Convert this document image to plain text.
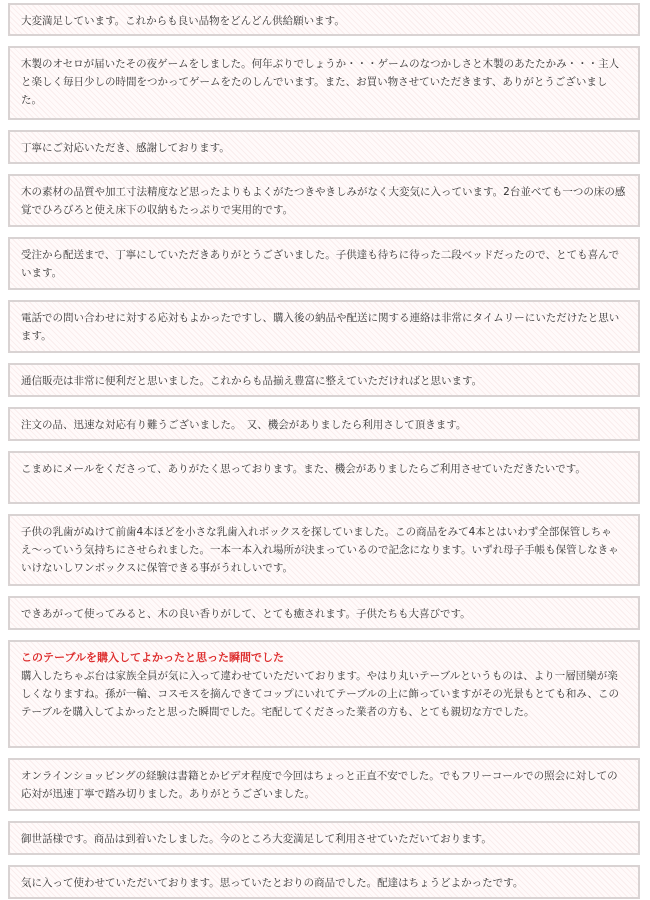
大変満足しています。これからも良い品物をどんどん供給願います。

木製のオセロが届いたその夜ゲームをしました。何年ぶりでしょうか・・・ゲームのなつかしさと木製のあたたかみ・・・主人と楽しく毎日少しの時間をつかってゲームをたのしんでいます。また、お買い物させていただきます、ありがとうございました。

丁寧にご対応いただき、感謝しております。

木の素材の品質や加工寸法精度など思ったよりもよくがたつきやきしみがなく大変気に入っています。2台並べても一つの床の感覚でひろびろと使え床下の収納もたっぷりで実用的です。

受注から配送まで、丁寧にしていただきありがとうございました。子供達も待ちに待った二段ベッドだったので、とても喜んでいます。

電話での問い合わせに対する応対もよかったですし、購入後の納品や配送に関する連絡は非常にタイムリーにいただけたと思います。

通信販売は非常に便利だと思いました。これからも品揃え豊富に整えていただければと思います。

注文の品、迅速な対応有り難うございました。　又、機会がありましたら利用さして頂きます。

こまめにメールをくださって、ありがたく思っております。また、機会がありましたらご利用させていただきたいです。

子供の乳歯がぬけて前歯4本ほどを小さな乳歯入れボックスを探していました。この商品をみて4本とはいわず全部保管しちゃえ〜っていう気持ちにさせられました。一本一本入れ場所が決まっているので記念になります。いずれ母子手帳も保管しなきゃいけないしワンボックスに保管できる事がうれしいです。

できあがって使ってみると、木の良い香りがして、とても癒されます。子供たちも大喜びです。

このテーブルを購入してよかったと思った瞬間でした

購入したちゃぶ台は家族全員が気に入って違わせていただいております。やはり丸いテーブルというものは、より一層団欒が楽しくなりますね。孫が一輪、コスモスを摘んできてコップにいれてテーブルの上に飾っていますがその光景もとても和み、このテーブルを購入してよかったと思った瞬間でした。宅配してくださった業者の方も、とても親切な方でした。

オンラインショッピングの経験は書籍とかビデオ程度で今回はちょっと正直不安でした。でもフリーコールでの照会に対しての応対が迅速丁寧で踏み切りました。ありがとうございました。

御世話様です。商品は到着いたしました。今のところ大変満足して利用させていただいております。

気に入って使わせていただいております。思っていたとおりの商品でした。配達はちょうどよかったです。
